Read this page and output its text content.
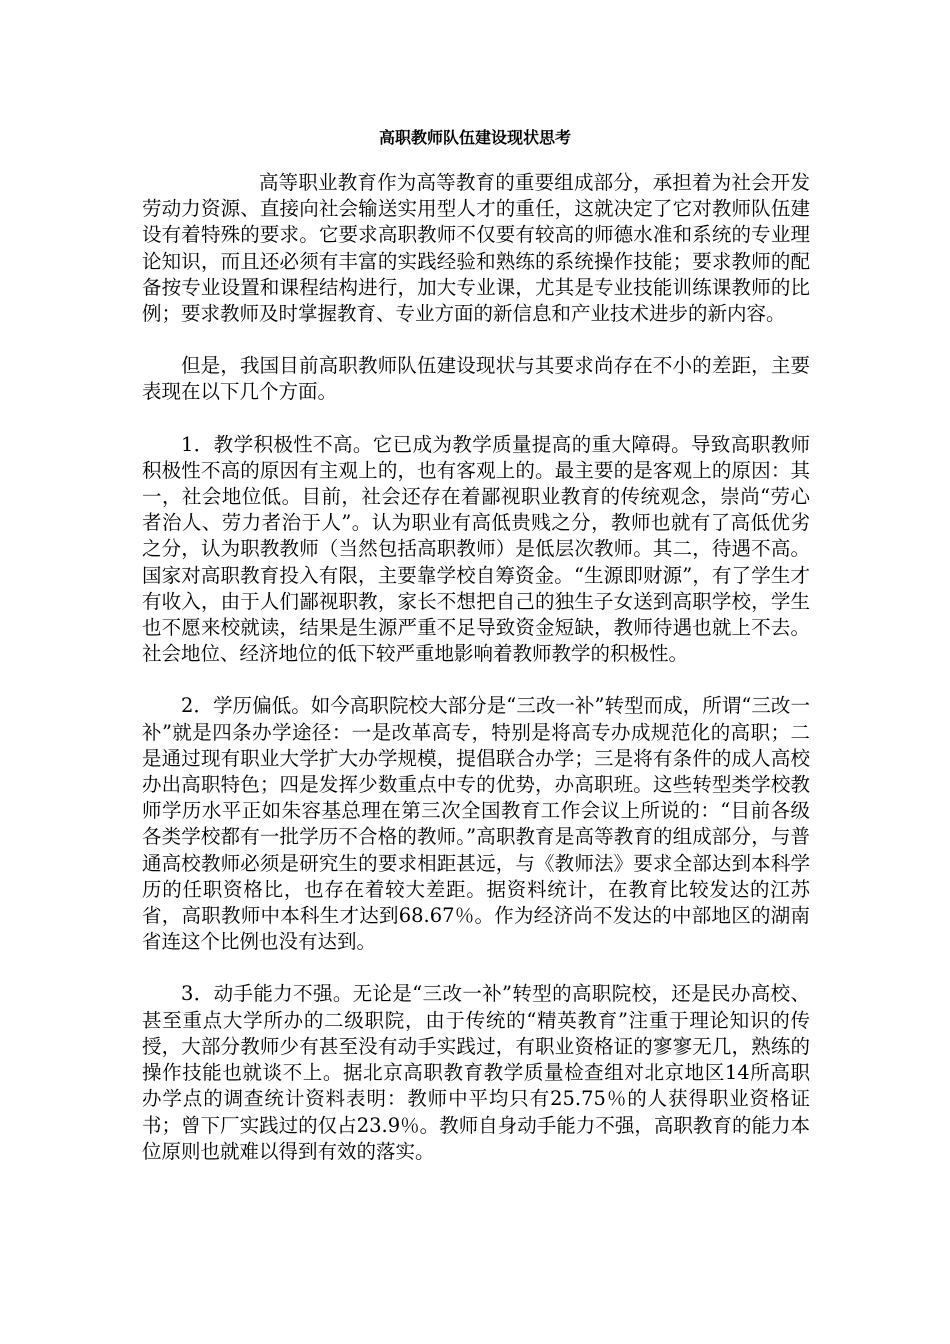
高职教师队伍建设现状思考

高等职业教育作为高等教育的重要组成部分，承担着为社会开发劳动力资源、直接向社会输送实用型人才的重任，这就决定了它对教师队伍建设有着特殊的要求。它要求高职教师不仅要有较高的师德水准和系统的专业理论知识，而且还必须有丰富的实践经验和熟练的系统操作技能；要求教师的配备按专业设置和课程结构进行，加大专业课，尤其是专业技能训练课教师的比例；要求教师及时掌握教育、专业方面的新信息和产业技术进步的新内容。

但是，我国目前高职教师队伍建设现状与其要求尚存在不小的差距，主要表现在以下几个方面。

1．教学积极性不高。它已成为教学质量提高的重大障碍。导致高职教师积极性不高的原因有主观上的，也有客观上的。最主要的是客观上的原因：其一，社会地位低。目前，社会还存在着鄙视职业教育的传统观念，崇尚“劳心者治人、劳力者治于人”。认为职业有高低贵贱之分，教师也就有了高低优劣之分，认为职教教师（当然包括高职教师）是低层次教师。其二，待遇不高。国家对高职教育投入有限，主要靠学校自筹资金。“生源即财源”，有了学生才有收入，由于人们鄙视职教，家长不想把自己的独生子女送到高职学校，学生也不愿来校就读，结果是生源严重不足导致资金短缺，教师待遇也就上不去。社会地位、经济地位的低下较严重地影响着教师教学的积极性。

2．学历偏低。如今高职院校大部分是“三改一补”转型而成，所谓“三改一补”就是四条办学途径：一是改革高专，特别是将高专办成规范化的高职；二是通过现有职业大学扩大办学规模，提倡联合办学；三是将有条件的成人高校办出高职特色；四是发挥少数重点中专的优势，办高职班。这些转型类学校教师学历水平正如朱容基总理在第三次全国教育工作会议上所说的：“目前各级各类学校都有一批学历不合格的教师。”高职教育是高等教育的组成部分，与普通高校教师必须是研究生的要求相距甚远，与《教师法》要求全部达到本科学历的任职资格比，也存在着较大差距。据资料统计，在教育比较发达的江苏省，高职教师中本科生才达到68.67％。作为经济尚不发达的中部地区的湖南省连这个比例也没有达到。

3．动手能力不强。无论是“三改一补”转型的高职院校，还是民办高校、甚至重点大学所办的二级职院，由于传统的“精英教育”注重于理论知识的传授，大部分教师少有甚至没有动手实践过，有职业资格证的寥寥无几，熟练的操作技能也就谈不上。据北京高职教育教学质量检查组对北京地区14所高职办学点的调查统计资料表明：教师中平均只有25.75％的人获得职业资格证书；曾下厂实践过的仅占23.9％。教师自身动手能力不强，高职教育的能力本位原则也就难以得到有效的落实。
